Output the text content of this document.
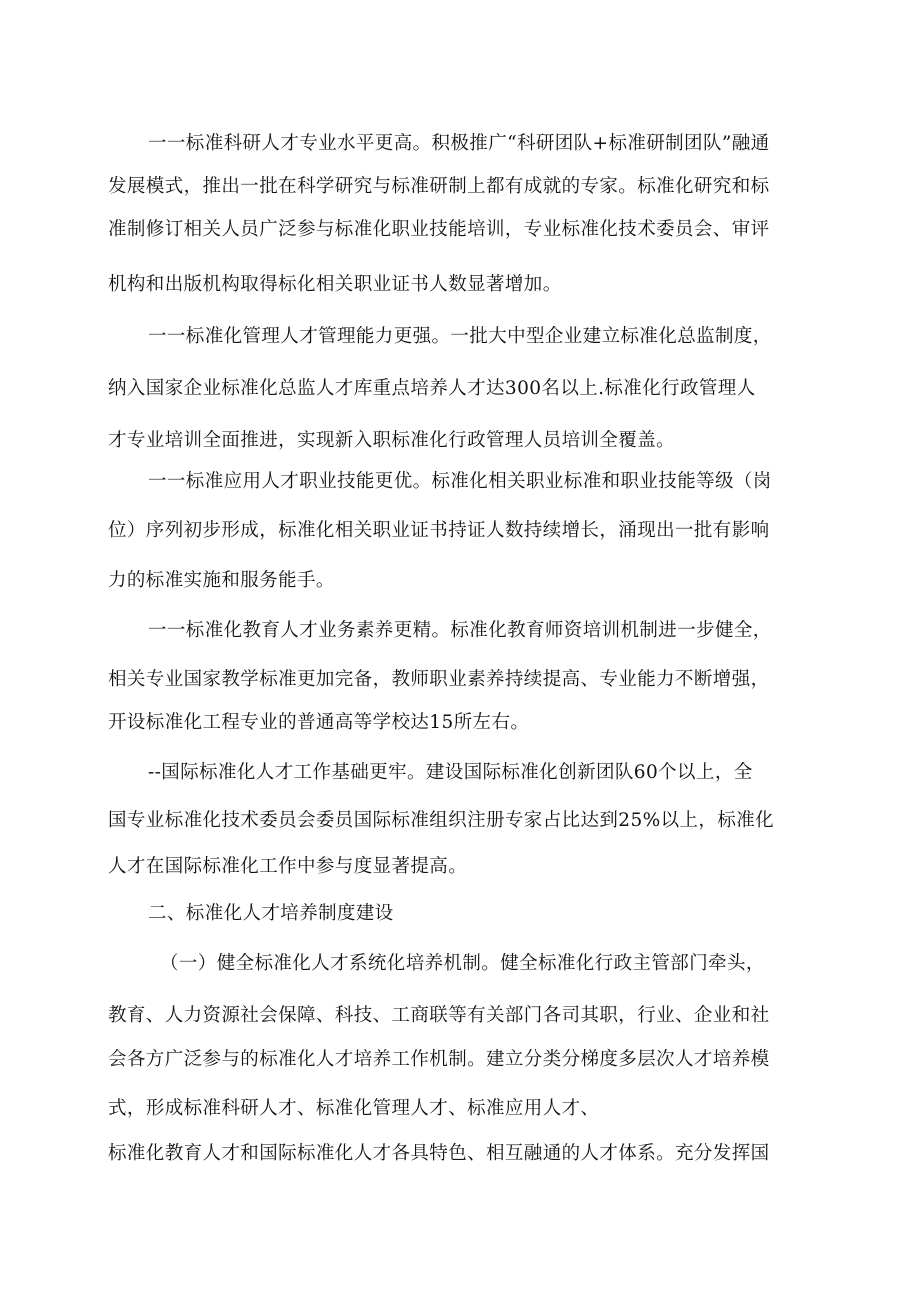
一一标准科研人才专业水平更高。积极推广“科研团队+标准研制团队”融通
发展模式，推出一批在科学研究与标准研制上都有成就的专家。标准化研究和标
准制修订相关人员广泛参与标准化职业技能培训，专业标准化技术委员会、审评
机构和出版机构取得标化相关职业证书人数显著增加。
一一标准化管理人才管理能力更强。一批大中型企业建立标准化总监制度，
纳入国家企业标准化总监人才库重点培养人才达300名以上.标准化行政管理人
才专业培训全面推进，实现新入职标准化行政管理人员培训全覆盖。
一一标准应用人才职业技能更优。标准化相关职业标准和职业技能等级（岗
位）序列初步形成，标准化相关职业证书持证人数持续增长，涌现出一批有影响
力的标准实施和服务能手。
一一标准化教育人才业务素养更精。标准化教育师资培训机制进一步健全，
相关专业国家教学标准更加完备，教师职业素养持续提高、专业能力不断增强，
开设标准化工程专业的普通高等学校达15所左右。
--国际标准化人才工作基础更牢。建设国际标准化创新团队60个以上，全
国专业标准化技术委员会委员国际标准组织注册专家占比达到25%以上，标准化
人才在国际标准化工作中参与度显著提高。
二、标准化人才培养制度建设
（一）健全标准化人才系统化培养机制。健全标准化行政主管部门牵头，
教育、人力资源社会保障、科技、工商联等有关部门各司其职，行业、企业和社
会各方广泛参与的标准化人才培养工作机制。建立分类分梯度多层次人才培养模
式，形成标准科研人才、标准化管理人才、标准应用人才、
标准化教育人才和国际标准化人才各具特色、相互融通的人才体系。充分发挥国
